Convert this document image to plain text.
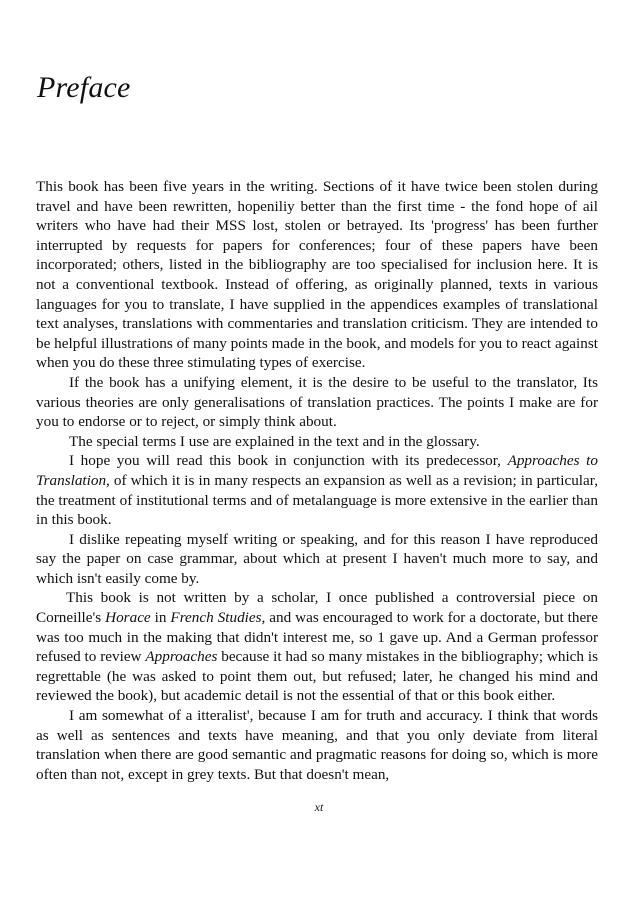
Preface

This book has been five years in the writing. Sections of it have twice been stolen during travel and have been rewritten, hopeniliy better than the first time - the fond hope of ail writers who have had their MSS lost, stolen or betrayed. Its 'progress' has been further interrupted by requests for papers for conferences; four of these papers have been incorporated; others, listed in the bibliography are too specialised for inclusion here. It is not a conventional textbook. Instead of offering, as originally planned, texts in various languages for you to translate, I have supplied in the appendices examples of translational text analyses, translations with commentaries and translation criticism. They are intended to be helpful illustrations of many points made in the book, and models for you to react against when you do these three stimulating types of exercise.

If the book has a unifying element, it is the desire to be useful to the translator, Its various theories are only generalisations of translation practices. The points I make are for you to endorse or to reject, or simply think about.

The special terms I use are explained in the text and in the glossary.

I hope you will read this book in conjunction with its predecessor, Approaches to Translation, of which it is in many respects an expansion as well as a revision; in particular, the treatment of institutional terms and of metalanguage is more extensive in the earlier than in this book.

I dislike repeating myself writing or speaking, and for this reason I have reproduced say the paper on case grammar, about which at present I haven't much more to say, and which isn't easily come by.

This book is not written by a scholar, I once published a controversial piece on Corneille's Horace in French Studies, and was encouraged to work for a doctorate, but there was too much in the making that didn't interest me, so 1 gave up. And a German professor refused to review Approaches because it had so many mistakes in the bibliography; which is regrettable (he was asked to point them out, but refused; later, he changed his mind and reviewed the book), but academic detail is not the essential of that or this book either.

I am somewhat of a itteralist', because I am for truth and accuracy. I think that words as well as sentences and texts have meaning, and that you only deviate from literal translation when there are good semantic and pragmatic reasons for doing so, which is more often than not, except in grey texts. But that doesn't mean,

xt
